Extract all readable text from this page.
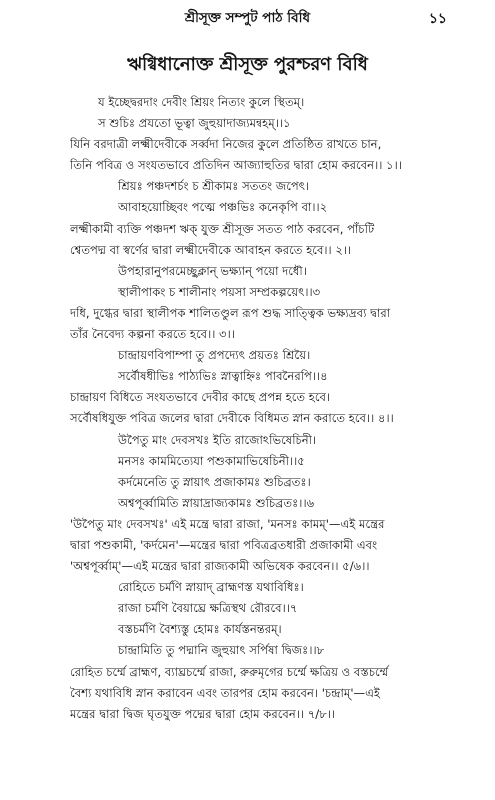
শ্রীসূক্ত সম্পুট পাঠ বিধি	১১
ঋগ্বিধানোক্ত শ্রীসূক্ত পুরশ্চরণ বিধি
য ইচ্ছেদ্বরদাং দেবীং শ্রিয়ং নিত্যং কুলে স্থিতম্।
স শুচিঃ প্রযতো ভূত্বা জুহুয়াদাজ্যমন্বহম্।।১
যিনি বরদাত্রী লক্ষ্মীদেবীকে সর্ব্বদা নিজের কুলে প্রতিষ্ঠিত রাখতে চান,
তিনি পবিত্র ও সংযতভাবে প্রতিদিন আজ্যাহুতির দ্বারা হোম করবেন।। ১।।
শ্রিয়ঃ পঞ্চদশর্চং চ শ্রীকামঃ সততং জপেৎ।
আবাহয়োচ্ছিবং পত্মে পঞ্চভিঃ কনেকৃপি বা।।২
লক্ষ্মীকামী ব্যক্তি পঞ্চদশ ঋক্ যুক্ত শ্রীসূক্ত সতত পাঠ করবেন, পাঁচটি
শ্বেতপদ্ম বা স্বর্ণের দ্বারা লক্ষ্মীদেবীকে আবাহন করতে হবে।। ২।।
উপহারানুপরমেচ্ছুক্লান্ ভক্ষ্যান্ পয়ো দধৌ।
স্থালীপাকং চ শালীনাং পয়সা সম্প্রকল্পয়েৎ।।৩
দধি, দুগ্ধের দ্বারা স্থালীপক শালিতণ্ডুল রূপ শুদ্ধ সাত্ত্বিক ভক্ষ্যদ্রব্য দ্বারা
তাঁর নৈবেদ্য কল্পনা করতে হবে।। ৩।।
চান্দ্রায়ণবিপাম্পা তু প্রপদ্যেৎ প্রয়তঃ শ্রিয়ৈ।
সর্বৌষধীভিঃ পাঠ্যভিঃ স্নাত্বাহ্নিঃ পাবনৈরপি।।৪
চান্দ্রায়ণ বিধিতে সংযতভাবে দেবীর কাছে প্রপন্ন হতে হবে।
সর্বৌষধিযুক্ত পবিত্র জলের দ্বারা দেবীকে বিধিমত স্নান করাতে হবে।। ৪।।
উপৈতু মাং দেবসখঃ ইতি রাজোঽভিষেচিনী।
মনসঃ কামমিত্যেযা পশুকামাভিষেচিনী।।৫
কর্দমেনেতি তু স্নায়াৎ প্রজাকামঃ শুচিব্রতঃ।
অশ্বপূর্ব্বামিতি স্নায়াদ্রাজ্যকামঃ শুচিব্রতঃ।।৬
'উপৈতু মাং দেবসখঃ' এই মন্ত্রে দ্বারা রাজা, 'মনসঃ কামম্'—এই মন্ত্রের
দ্বারা পশুকামী, 'কর্দমেন'—মন্ত্রের দ্বারা পবিত্রব্রতধারী প্রজাকামী এবং
'অশ্বপূর্ব্বাম্'—এই মন্ত্রের দ্বারা রাজ্যকামী অভিষেক করবেন।। ৫/৬।।
রোহিতে চর্মণি স্নায়াদ্ ব্রাহ্মণস্ত যথাবিধিঃ।
রাজা চর্মণি বৈয়াঘ্রে ক্ষত্রিস্থথ রৌরবে।।৭
বস্তচর্মণি বৈশ্যস্তু হোমঃ কার্যস্তনন্তরম্।
চান্দ্রামিতি তু পদ্মানি জুহুয়াৎ সর্পিষা দ্বিজঃ।।৮
রোহিত চর্ম্মে ব্রাহ্মণ, ব্যাঘ্রচর্ম্মে রাজা, রুরুমৃগের চর্ম্মে ক্ষত্রিয় ও বস্তচর্ম্মে
বৈশ্য যথাবিধি স্নান করাবেন এবং তারপর হোম করবেন। 'চন্দ্রাম্'—এই
মন্ত্রের দ্বারা দ্বিজ ঘৃতযুক্ত পদ্মের দ্বারা হোম করবেন।। ৭/৮।।
